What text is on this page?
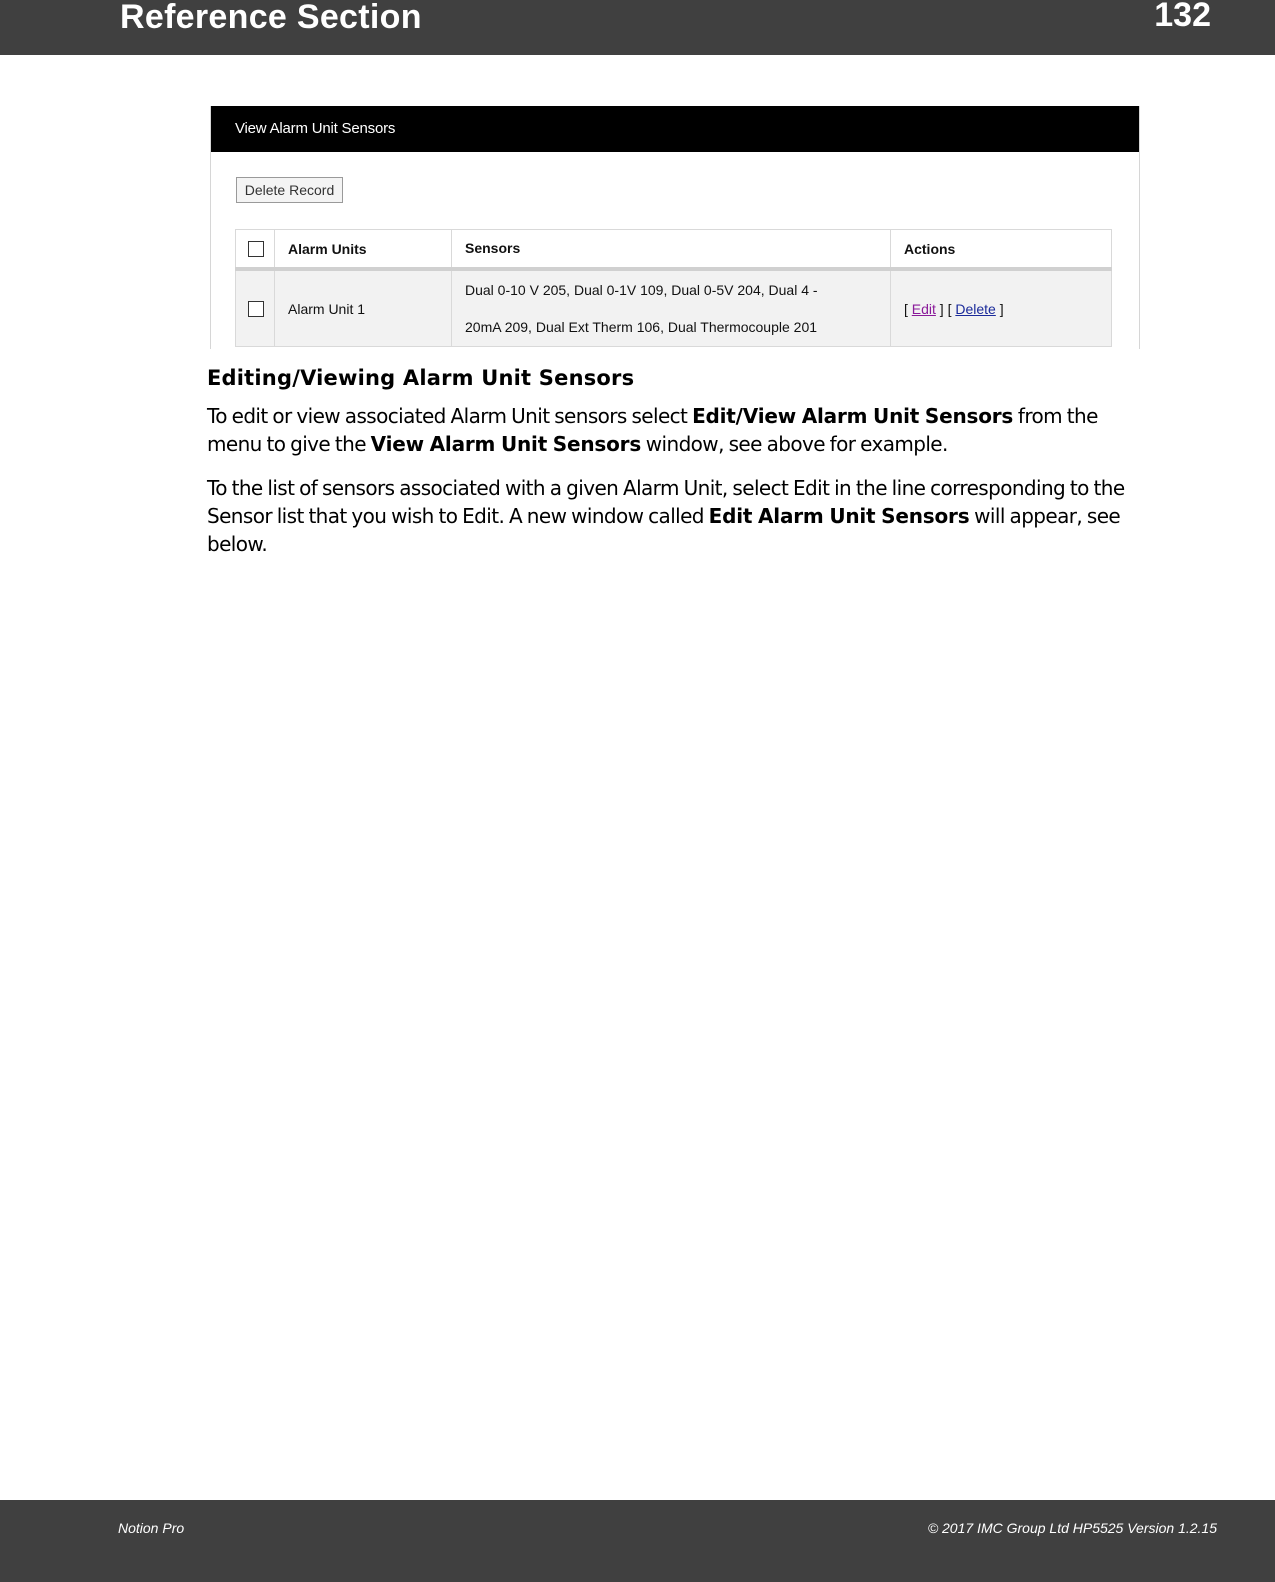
Reference Section	132
View Alarm Unit Sensors
Delete Record
	Alarm Units	Sensors	Actions
	Alarm Unit 1	Dual 0-10 V 205, Dual 0-1V 109, Dual 0-5V 204, Dual 4 -
20mA 209, Dual Ext Therm 106, Dual Thermocouple 201	[ Edit ] [ Delete ]
Editing/Viewing Alarm Unit Sensors

To edit or view associated Alarm Unit sensors select Edit/View Alarm Unit Sensors from the menu to give the View Alarm Unit Sensors window, see above for example.

To the list of sensors associated with a given Alarm Unit, select Edit in the line corresponding to the Sensor list that you wish to Edit. A new window called Edit Alarm Unit Sensors will appear, see below.

Notion Pro	© 2017 IMC Group Ltd HP5525 Version 1.2.15
